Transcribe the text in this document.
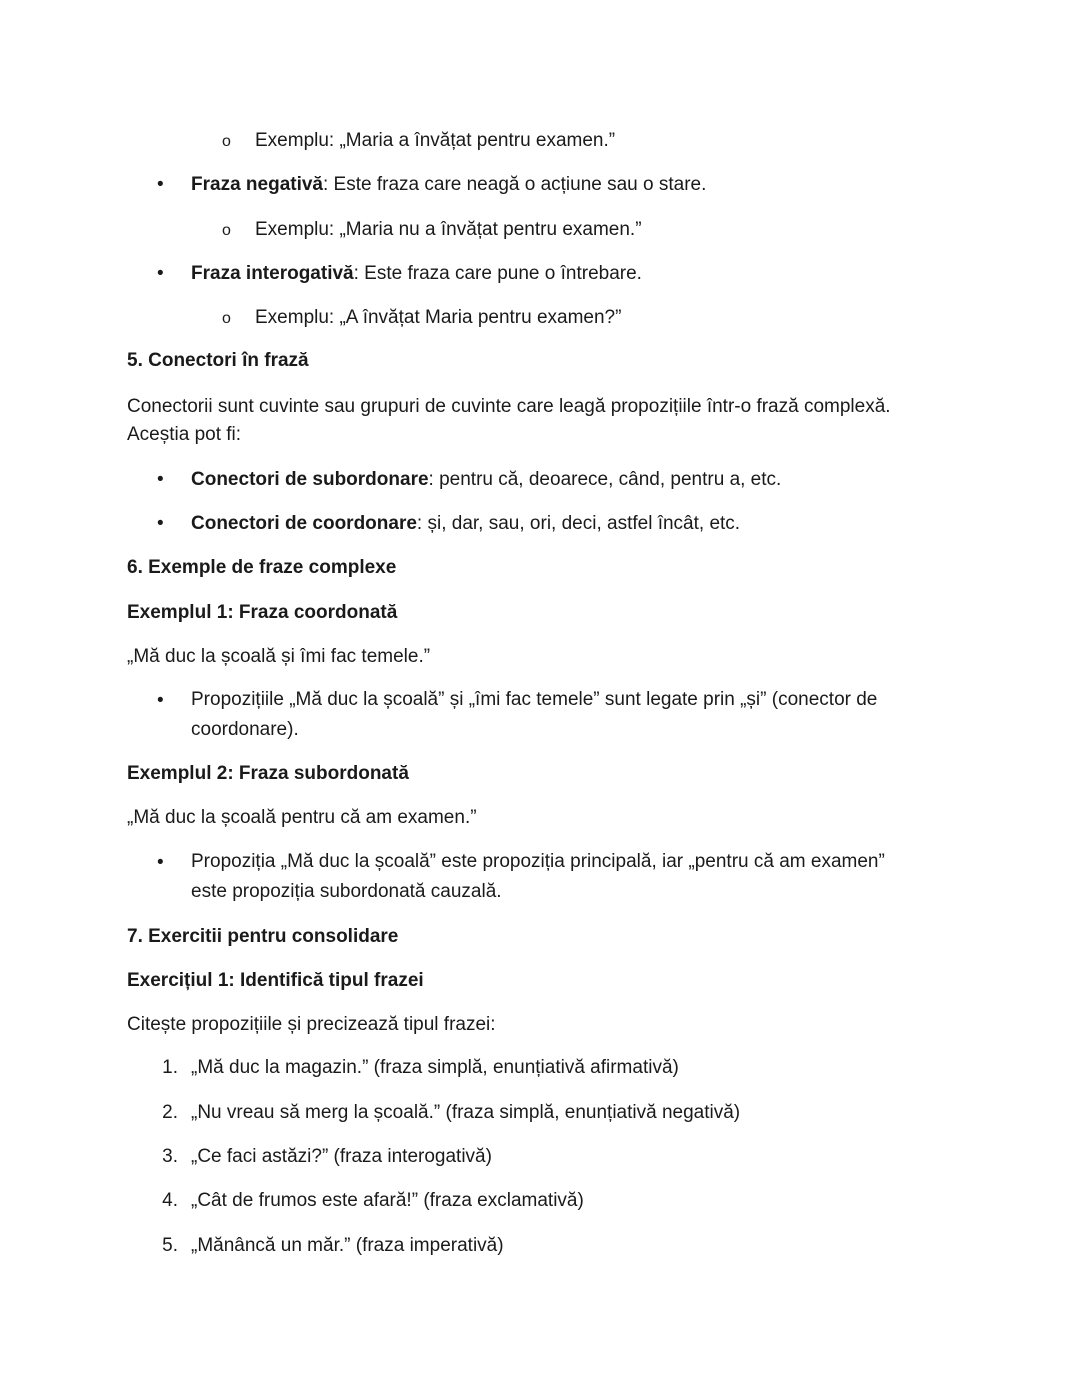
o Exemplu: „Maria a învățat pentru examen.”
• Fraza negativă: Este fraza care neagă o acțiune sau o stare.
o Exemplu: „Maria nu a învățat pentru examen.”
• Fraza interogativă: Este fraza care pune o întrebare.
o Exemplu: „A învățat Maria pentru examen?”
5. Conectori în frază
Conectorii sunt cuvinte sau grupuri de cuvinte care leagă propozițiile într-o frază complexă.
Aceștia pot fi:
• Conectori de subordonare: pentru că, deoarece, când, pentru a, etc.
• Conectori de coordonare: și, dar, sau, ori, deci, astfel încât, etc.
6. Exemple de fraze complexe
Exemplul 1: Fraza coordonată
„Mă duc la școală și îmi fac temele.”
• Propozițiile „Mă duc la școală” și „îmi fac temele” sunt legate prin „și” (conector de
coordonare).
Exemplul 2: Fraza subordonată
„Mă duc la școală pentru că am examen.”
• Propoziția „Mă duc la școală” este propoziția principală, iar „pentru că am examen”
este propoziția subordonată cauzală.
7. Exercitii pentru consolidare
Exercițiul 1: Identifică tipul frazei
Citește propozițiile și precizează tipul frazei:
1. „Mă duc la magazin.” (fraza simplă, enunțiativă afirmativă)
2. „Nu vreau să merg la școală.” (fraza simplă, enunțiativă negativă)
3. „Ce faci astăzi?” (fraza interogativă)
4. „Cât de frumos este afară!” (fraza exclamativă)
5. „Mănâncă un măr.” (fraza imperativă)
